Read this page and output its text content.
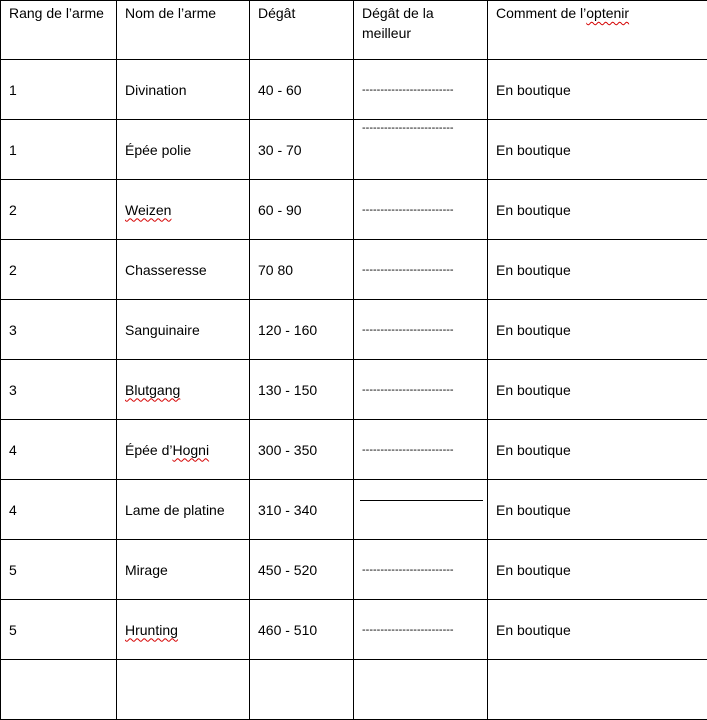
Rang de l’arme	Nom de l’arme	Dégât	Dégât de la meilleur	Comment de l’optenir
1	Divination	40 - 60	-------------------------	En boutique
1	Épée polie	30 - 70	-------------------------	En boutique
2	Weizen	60 - 90	-------------------------	En boutique
2	Chasseresse	70 80	-------------------------	En boutique
3	Sanguinaire	120 - 160	-------------------------	En boutique
3	Blutgang	130 - 150	-------------------------	En boutique
4	Épée d’Hogni	300 - 350	-------------------------	En boutique
4	Lame de platine	310 - 340		En boutique
5	Mirage	450 - 520	-------------------------	En boutique
5	Hrunting	460 - 510	-------------------------	En boutique
